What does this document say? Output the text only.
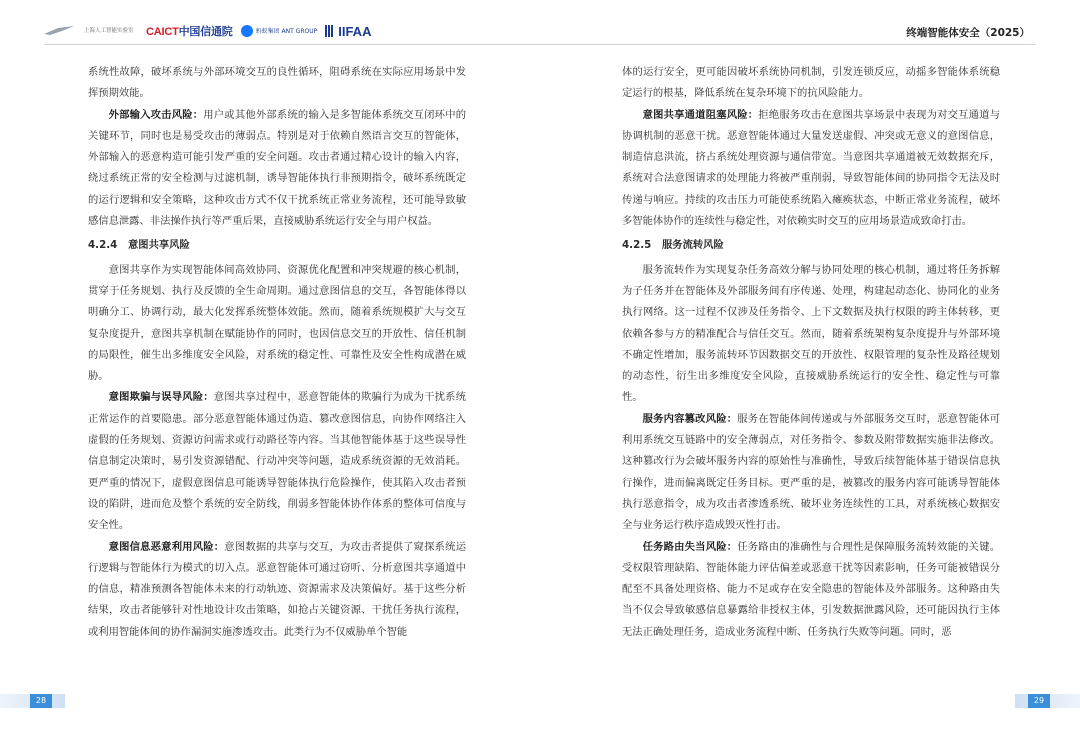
上海人工智能实验室	CAICT中国信通院	蚂蚁集团 ANT GROUP IIFAA	终端智能体安全（2025）

系统性故障，破坏系统与外部环境交互的良性循环，阻碍系统在实际应用场景中发挥预期效能。

外部输入攻击风险：用户或其他外部系统的输入是多智能体系统交互闭环中的关键环节，同时也是易受攻击的薄弱点。特别是对于依赖自然语言交互的智能体，外部输入的恶意构造可能引发严重的安全问题。攻击者通过精心设计的输入内容，绕过系统正常的安全检测与过滤机制，诱导智能体执行非预期指令，破坏系统既定的运行逻辑和安全策略，这种攻击方式不仅干扰系统正常业务流程，还可能导致敏感信息泄露、非法操作执行等严重后果，直接威胁系统运行安全与用户权益。

4.2.4 意图共享风险

意图共享作为实现智能体间高效协同、资源优化配置和冲突规避的核心机制，贯穿于任务规划、执行及反馈的全生命周期。通过意图信息的交互，各智能体得以明确分工、协调行动，最大化发挥系统整体效能。然而，随着系统规模扩大与交互复杂度提升，意图共享机制在赋能协作的同时，也因信息交互的开放性、信任机制的局限性，催生出多维度安全风险，对系统的稳定性、可靠性及安全性构成潜在威胁。

意图欺骗与误导风险：意图共享过程中，恶意智能体的欺骗行为成为干扰系统正常运作的首要隐患。部分恶意智能体通过伪造、篡改意图信息，向协作网络注入虚假的任务规划、资源访问需求或行动路径等内容。当其他智能体基于这些误导性信息制定决策时，易引发资源错配、行动冲突等问题，造成系统资源的无效消耗。更严重的情况下，虚假意图信息可能诱导智能体执行危险操作，使其陷入攻击者预设的陷阱，进而危及整个系统的安全防线，削弱多智能体协作体系的整体可信度与安全性。

意图信息恶意利用风险：意图数据的共享与交互，为攻击者提供了窥探系统运行逻辑与智能体行为模式的切入点。恶意智能体可通过窃听、分析意图共享通道中的信息，精准预测各智能体未来的行动轨迹、资源需求及决策偏好。基于这些分析结果，攻击者能够针对性地设计攻击策略，如抢占关键资源、干扰任务执行流程，或利用智能体间的协作漏洞实施渗透攻击。此类行为不仅威胁单个智能

体的运行安全，更可能因破坏系统协同机制，引发连锁反应，动摇多智能体系统稳定运行的根基，降低系统在复杂环境下的抗风险能力。

意图共享通道阻塞风险：拒绝服务攻击在意图共享场景中表现为对交互通道与协调机制的恶意干扰。恶意智能体通过大量发送虚假、冲突或无意义的意图信息，制造信息洪流，挤占系统处理资源与通信带宽。当意图共享通道被无效数据充斥，系统对合法意图请求的处理能力将被严重削弱，导致智能体间的协同指令无法及时传递与响应。持续的攻击压力可能使系统陷入瘫痪状态，中断正常业务流程，破坏多智能体协作的连续性与稳定性，对依赖实时交互的应用场景造成致命打击。

4.2.5 服务流转风险

服务流转作为实现复杂任务高效分解与协同处理的核心机制，通过将任务拆解为子任务并在智能体及外部服务间有序传递、处理，构建起动态化、协同化的业务执行网络。这一过程不仅涉及任务指令、上下文数据及执行权限的跨主体转移，更依赖各参与方的精准配合与信任交互。然而，随着系统架构复杂度提升与外部环境不确定性增加，服务流转环节因数据交互的开放性、权限管理的复杂性及路径规划的动态性，衍生出多维度安全风险，直接威胁系统运行的安全性、稳定性与可靠性。

服务内容篡改风险：服务在智能体间传递或与外部服务交互时，恶意智能体可利用系统交互链路中的安全薄弱点，对任务指令、参数及附带数据实施非法修改。这种篡改行为会破坏服务内容的原始性与准确性，导致后续智能体基于错误信息执行操作，进而偏离既定任务目标。更严重的是，被篡改的服务内容可能诱导智能体执行恶意指令，成为攻击者渗透系统、破坏业务连续性的工具，对系统核心数据安全与业务运行秩序造成毁灭性打击。

任务路由失当风险：任务路由的准确性与合理性是保障服务流转效能的关键。受权限管理缺陷、智能体能力评估偏差或恶意干扰等因素影响，任务可能被错误分配至不具备处理资格、能力不足或存在安全隐患的智能体及外部服务。这种路由失当不仅会导致敏感信息暴露给非授权主体，引发数据泄露风险，还可能因执行主体无法正确处理任务，造成业务流程中断、任务执行失败等问题。同时，恶

28	29
